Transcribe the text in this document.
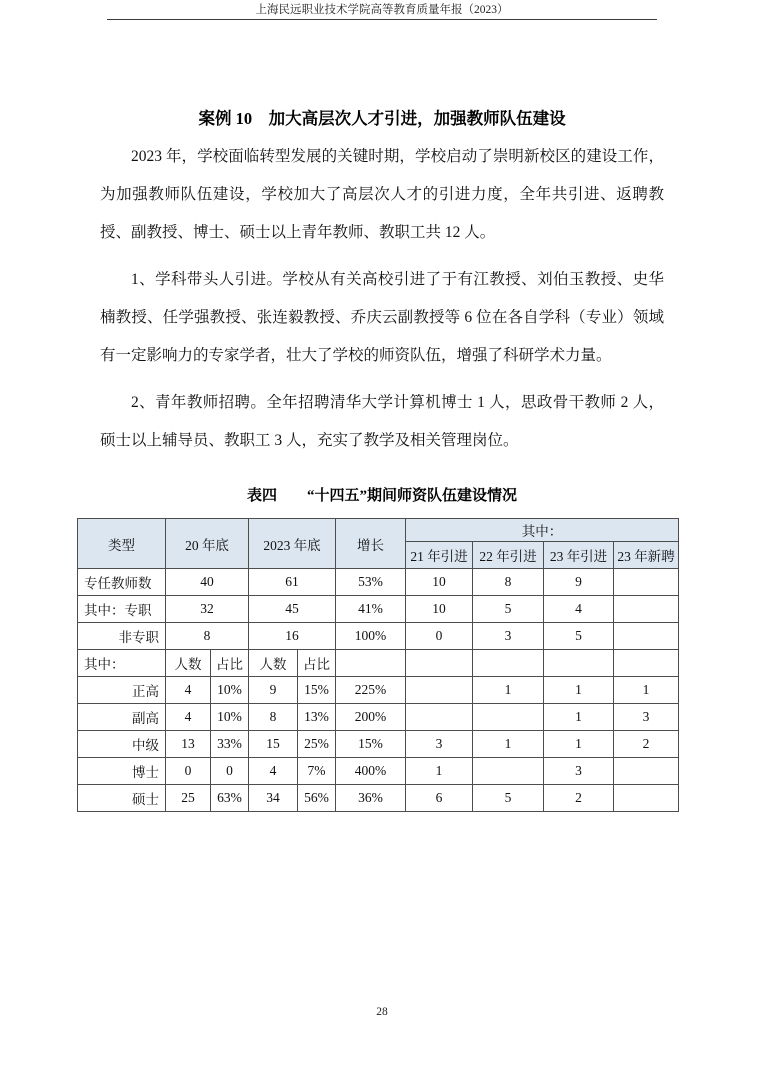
上海民远职业技术学院高等教育质量年报（2023）
案例 10　加大高层次人才引进，加强教师队伍建设

2023 年，学校面临转型发展的关键时期，学校启动了崇明新校区的建设工作，为加强教师队伍建设，学校加大了高层次人才的引进力度，全年共引进、返聘教授、副教授、博士、硕士以上青年教师、教职工共 12 人。

1、学科带头人引进。学校从有关高校引进了于有江教授、刘伯玉教授、史华楠教授、任学强教授、张连毅教授、乔庆云副教授等 6 位在各自学科（专业）领域有一定影响力的专家学者，壮大了学校的师资队伍，增强了科研学术力量。

2、青年教师招聘。全年招聘清华大学计算机博士 1 人，思政骨干教师 2 人，硕士以上辅导员、教职工 3 人，充实了教学及相关管理岗位。

表四　　“十四五”期间师资队伍建设情况
类型	20 年底		2023 年底		增长	其中：			
						21 年引进	22 年引进	23 年引进	23 年新聘
专任教师数	40		61		53%	10	8	9	
其中：专职	32		45		41%	10	5	4	
非专职	8		16		100%	0	3	5	
其中：	人数	占比	人数	占比					
正高	4	10%	9	15%	225%		1	1	1
副高	4	10%	8	13%	200%			1	3
中级	13	33%	15	25%	15%	3	1	1	2
博士	0	0	4	7%	400%	1		3	
硕士	25	63%	34	56%	36%	6	5	2	
28
